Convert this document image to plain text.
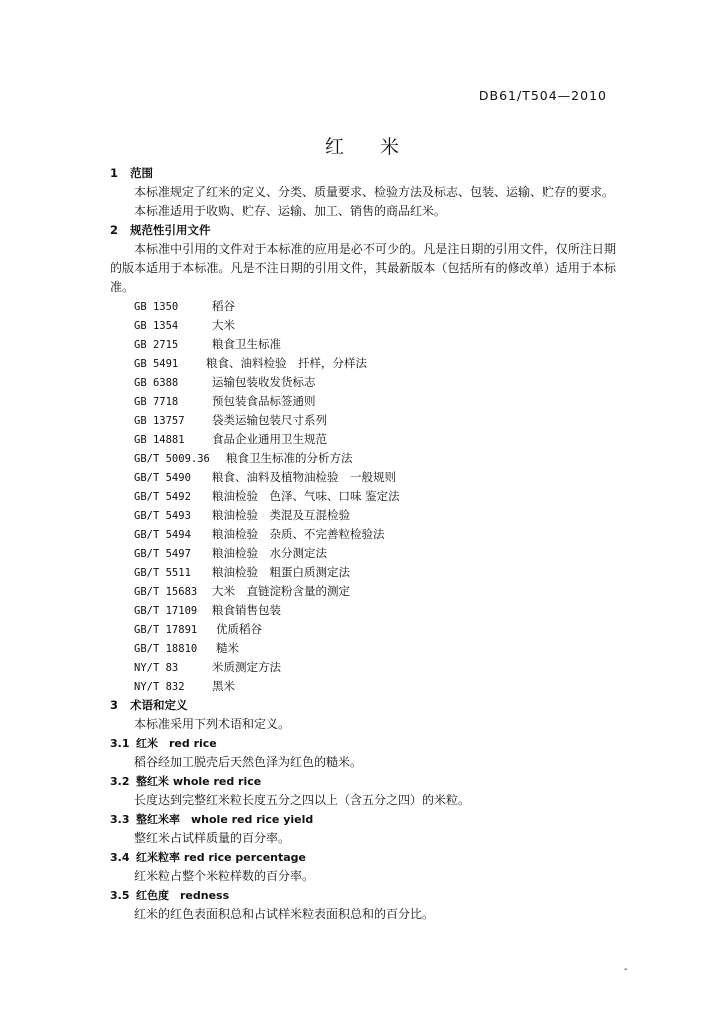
DB61/T504—2010
红米
1 范围
本标准规定了红米的定义、分类、质量要求、检验方法及标志、包装、运输、贮存的要求。
本标准适用于收购、贮存、运输、加工、销售的商品红米。
2 规范性引用文件
本标准中引用的文件对于本标准的应用是必不可少的。凡是注日期的引用文件，仅所注日期的版本适用于本标准。凡是不注日期的引用文件，其最新版本（包括所有的修改单）适用于本标准。
GB 1350	稻谷
GB 1354	大米
GB 2715	粮食卫生标准
GB 5491 粮食、油料检验　扦样，分样法
GB 6388	运输包装收发货标志
GB 7718	预包装食品标签通则
GB 13757 袋类运输包装尺寸系列
GB 14881 食品企业通用卫生规范
GB/T 5009.36 粮食卫生标准的分析方法
GB/T 5490 粮食、油料及植物油检验　一般规则
GB/T 5492 粮油检验　色泽、气味、口味 鉴定法
GB/T 5493 粮油检验　类混及互混检验
GB/T 5494 粮油检验　杂质、不完善粒检验法
GB/T 5497 粮油检验　水分测定法
GB/T 5511 粮油检验　粗蛋白质测定法
GB/T 15683 大米　直链淀粉含量的测定
GB/T 17109 粮食销售包装
GB/T 17891 优质稻谷
GB/T 18810 糙米
NY/T 83	米质测定方法
NY/T 832 黑米
3 术语和定义
本标准采用下列术语和定义。
3.1 红米　red rice
稻谷经加工脱壳后天然色泽为红色的糙米。
3.2 整红米 whole red rice
长度达到完整红米粒长度五分之四以上（含五分之四）的米粒。
3.3 整红米率　whole red rice yield
整红米占试样质量的百分率。
3.4 红米粒率 red rice percentage
红米粒占整个米粒样数的百分率。
3.5 红色度　redness
红米的红色表面积总和占试样米粒表面积总和的百分比。
-
